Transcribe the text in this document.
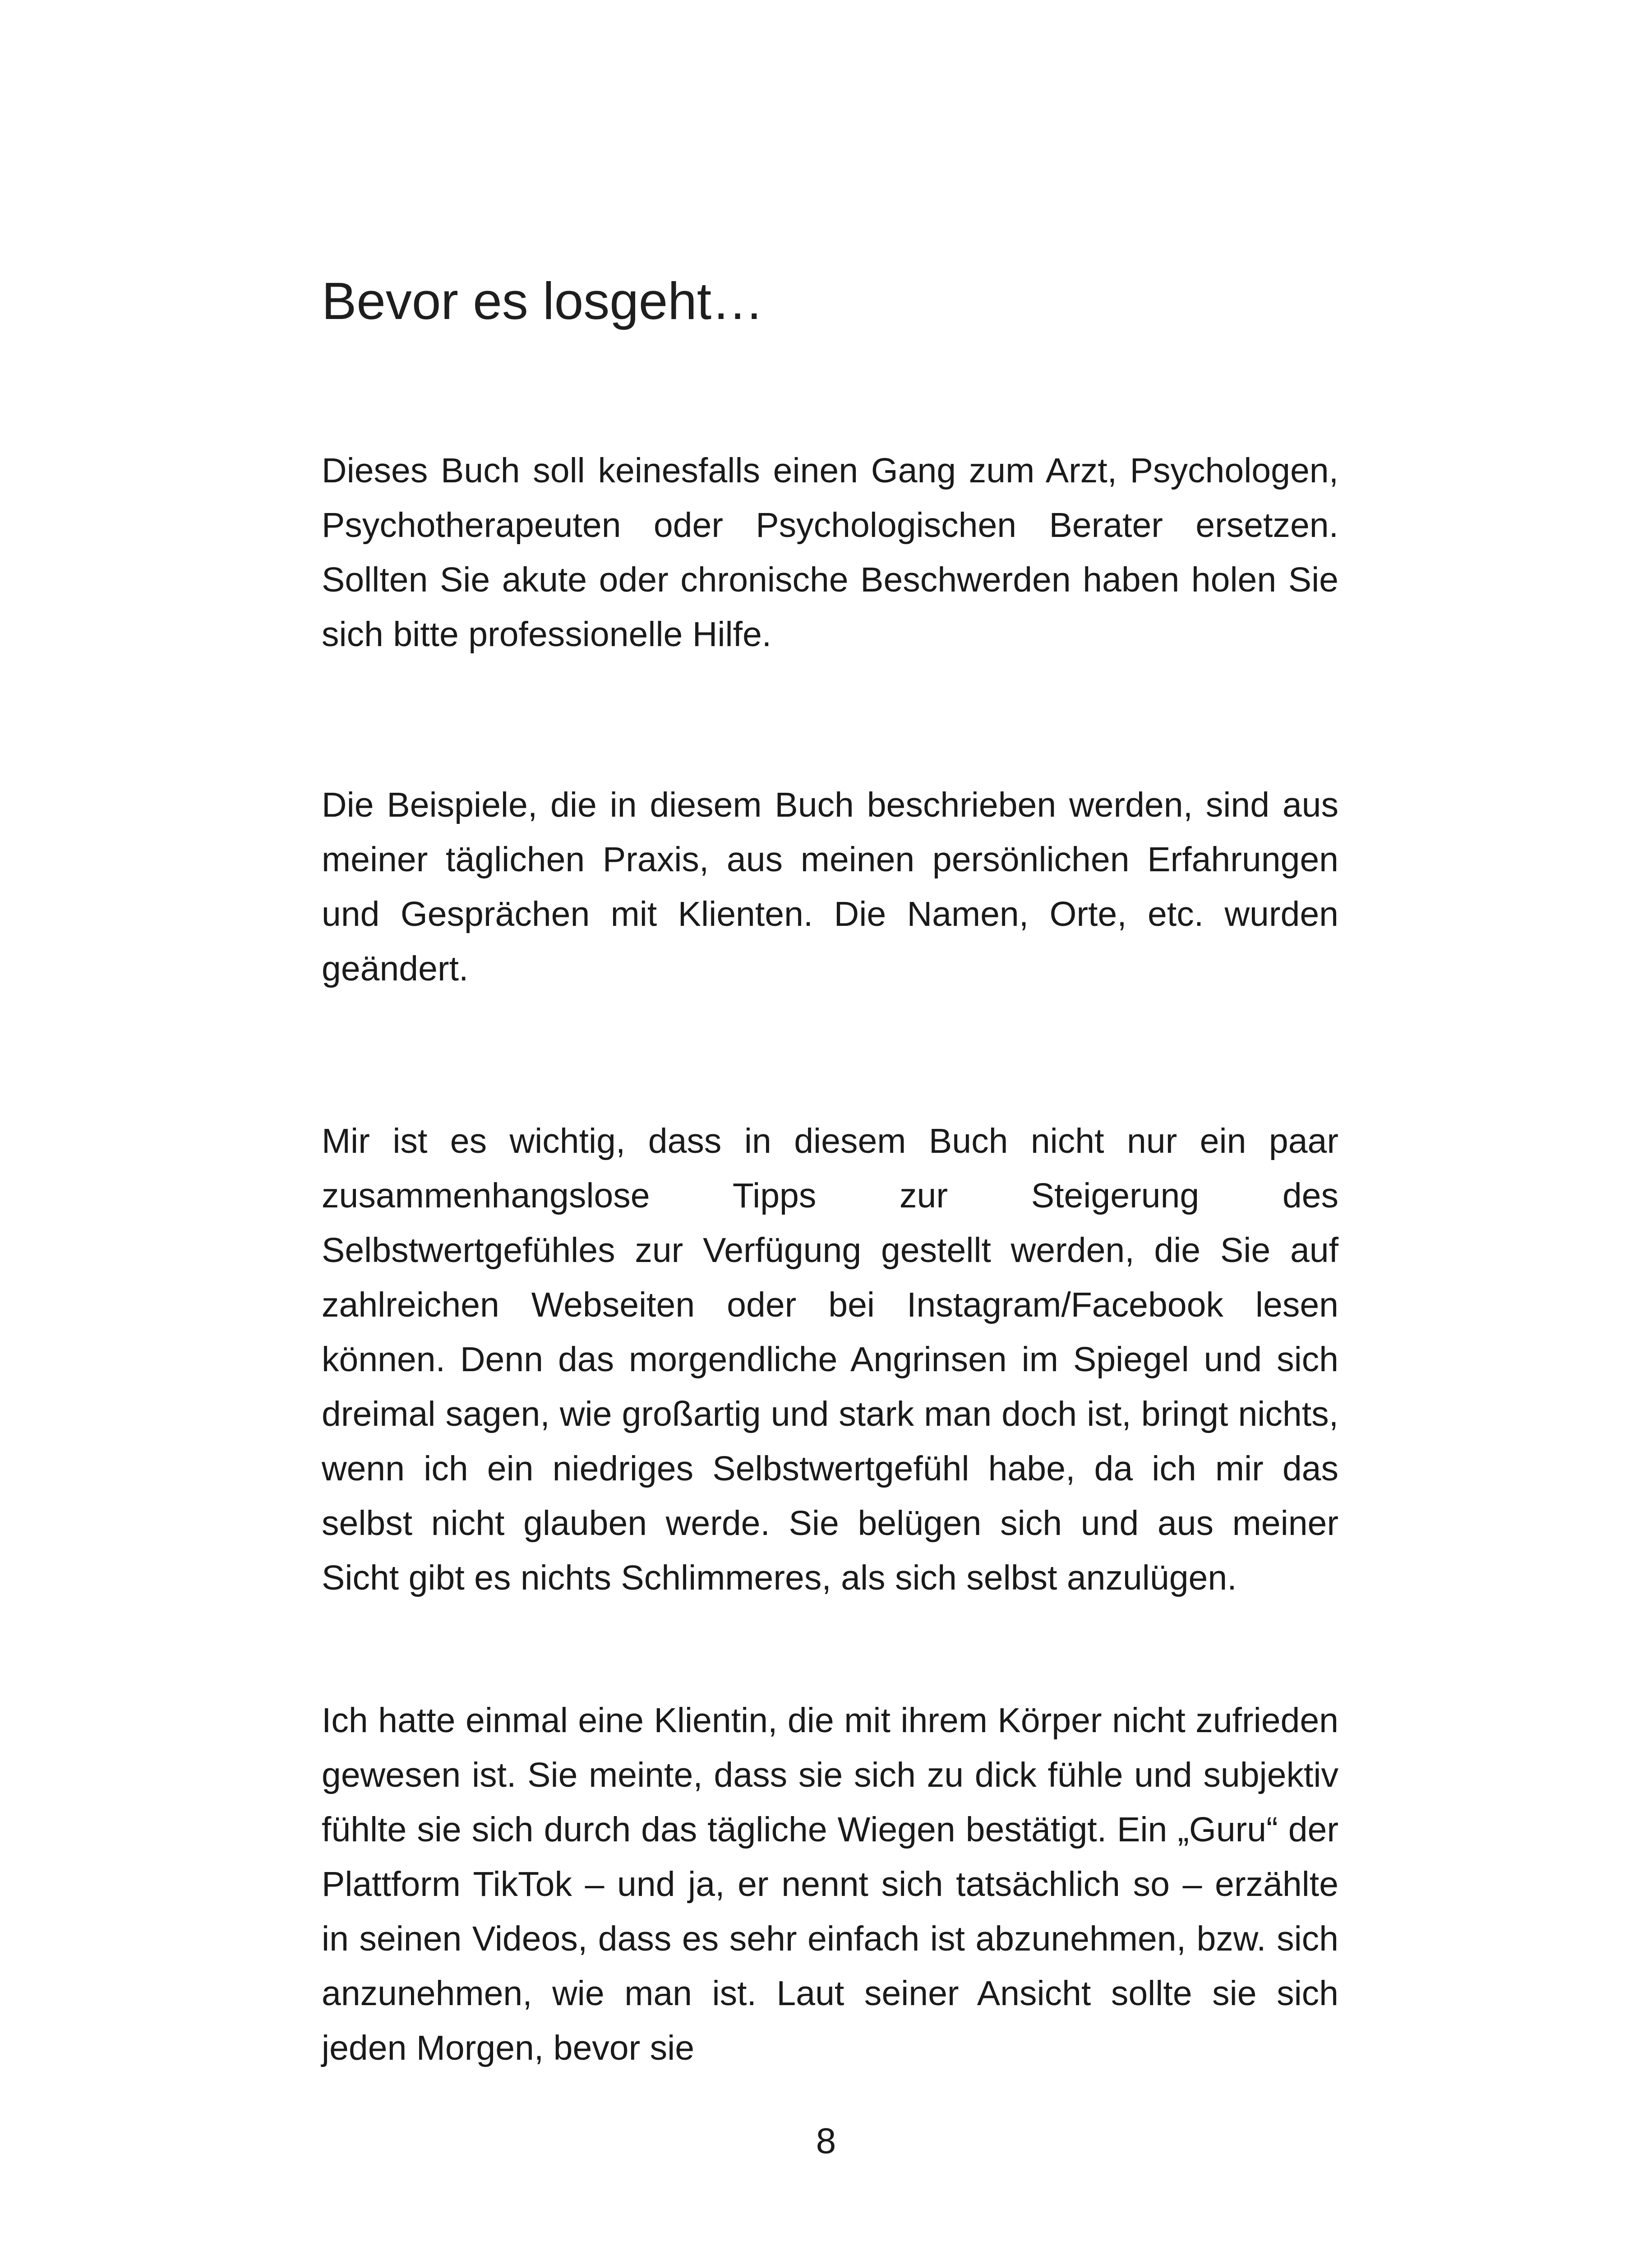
Bevor es losgeht…

Dieses Buch soll keinesfalls einen Gang zum Arzt, Psychologen, Psychotherapeuten oder Psychologischen Berater ersetzen. Sollten Sie akute oder chronische Beschwerden haben holen Sie sich bitte professionelle Hilfe.

Die Beispiele, die in diesem Buch beschrieben werden, sind aus meiner täglichen Praxis, aus meinen persönlichen Erfahrungen und Gesprächen mit Klienten. Die Namen, Orte, etc. wurden geändert.

Mir ist es wichtig, dass in diesem Buch nicht nur ein paar zusammenhangslose Tipps zur Steigerung des Selbstwertgefühles zur Verfügung gestellt werden, die Sie auf zahlreichen Webseiten oder bei Instagram/Facebook lesen können. Denn das morgendliche Angrinsen im Spiegel und sich dreimal sagen, wie großartig und stark man doch ist, bringt nichts, wenn ich ein niedriges Selbstwertgefühl habe, da ich mir das selbst nicht glauben werde. Sie belügen sich und aus meiner Sicht gibt es nichts Schlimmeres, als sich selbst anzulügen.

Ich hatte einmal eine Klientin, die mit ihrem Körper nicht zufrieden gewesen ist. Sie meinte, dass sie sich zu dick fühle und subjektiv fühlte sie sich durch das tägliche Wiegen bestätigt. Ein „Guru“ der Plattform TikTok – und ja, er nennt sich tatsächlich so – erzählte in seinen Videos, dass es sehr einfach ist abzunehmen, bzw. sich anzunehmen, wie man ist. Laut seiner Ansicht sollte sie sich jeden Morgen, bevor sie

8
